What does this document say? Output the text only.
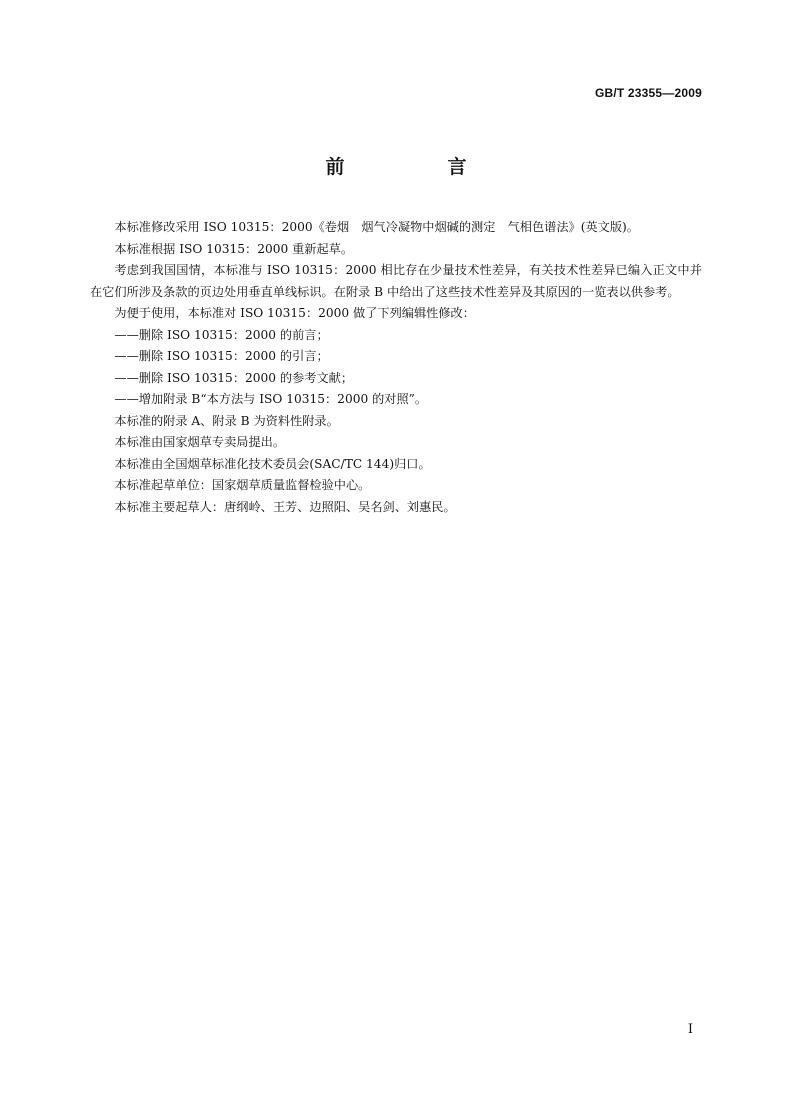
GB/T 23355—2009
前　言

本标准修改采用 ISO 10315：2000《卷烟　烟气冷凝物中烟碱的测定　气相色谱法》(英文版)。

本标准根据 ISO 10315：2000 重新起草。

考虑到我国国情，本标准与 ISO 10315：2000 相比存在少量技术性差异，有关技术性差异已编入正文中并在它们所涉及条款的页边处用垂直单线标识。在附录 B 中给出了这些技术性差异及其原因的一览表以供参考。

为便于使用，本标准对 ISO 10315：2000 做了下列编辑性修改：

——删除 ISO 10315：2000 的前言；

——删除 ISO 10315：2000 的引言；

——删除 ISO 10315：2000 的参考文献；

——增加附录 B“本方法与 ISO 10315：2000 的对照”。

本标准的附录 A、附录 B 为资料性附录。

本标准由国家烟草专卖局提出。

本标准由全国烟草标准化技术委员会(SAC/TC 144)归口。

本标准起草单位：国家烟草质量监督检验中心。

本标准主要起草人：唐纲岭、王芳、边照阳、吴名剑、刘惠民。

I
